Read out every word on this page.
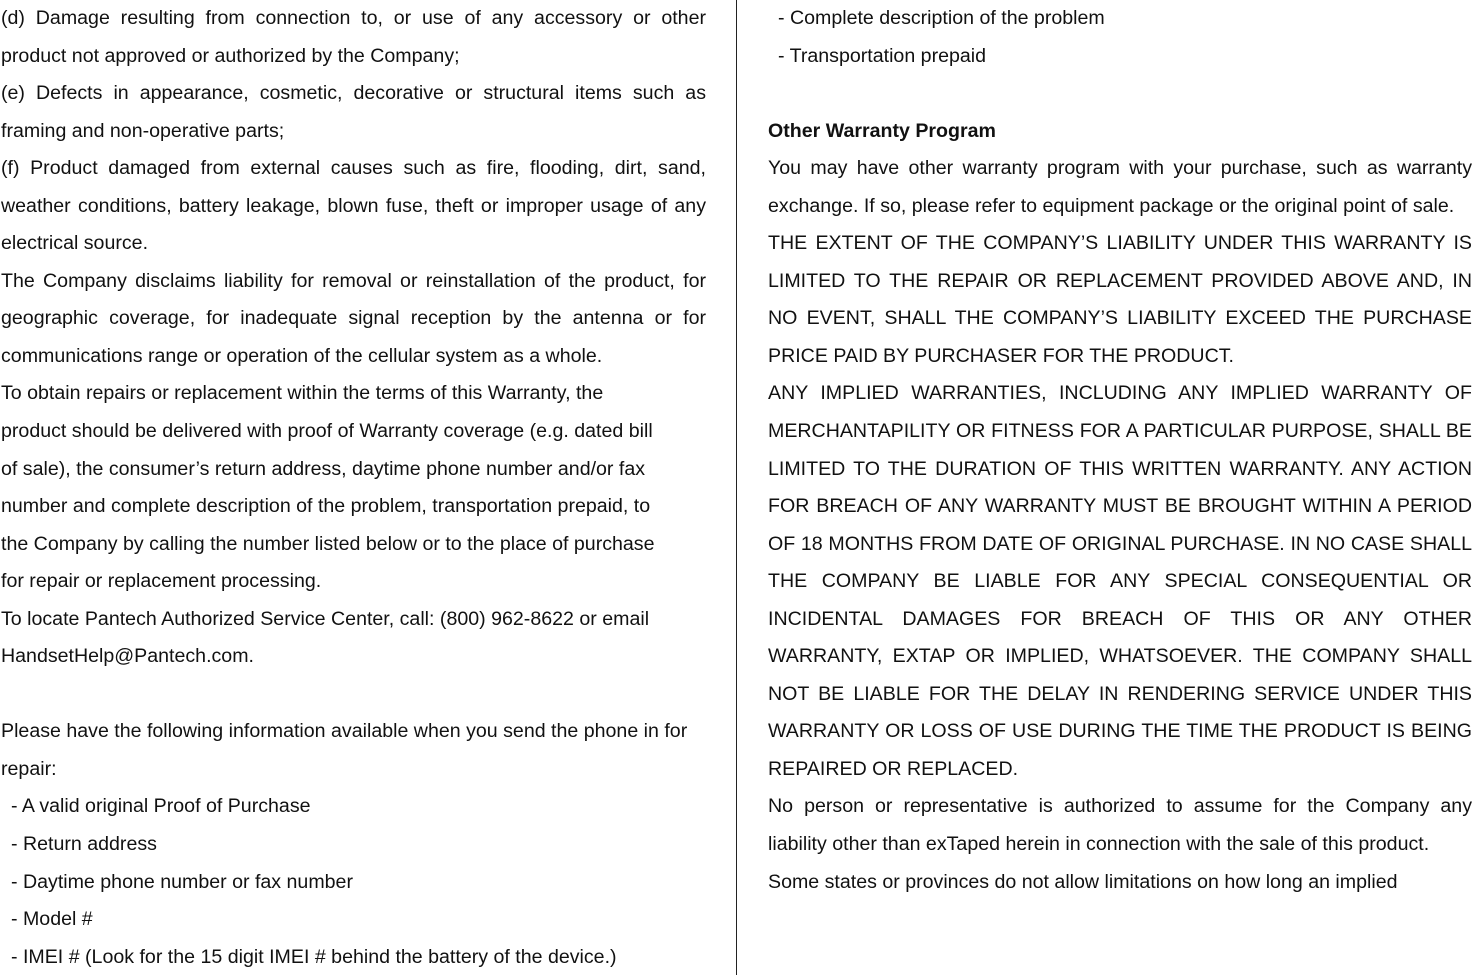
(d) Damage resulting from connection to, or use of any accessory or other product not approved or authorized by the Company;

(e) Defects in appearance, cosmetic, decorative or structural items such as framing and non-operative parts;

(f) Product damaged from external causes such as fire, flooding, dirt, sand, weather conditions, battery leakage, blown fuse, theft or improper usage of any electrical source.

The Company disclaims liability for removal or reinstallation of the product, for geographic coverage, for inadequate signal reception by the antenna or for communications range or operation of the cellular system as a whole.

To obtain repairs or replacement within the terms of this Warranty, the

product should be delivered with proof of Warranty coverage (e.g. dated bill

of sale), the consumer’s return address, daytime phone number and/or fax

number and complete description of the problem, transportation prepaid, to

the Company by calling the number listed below or to the place of purchase

for repair or replacement processing.

To locate Pantech Authorized Service Center, call: (800) 962-8622 or email

HandsetHelp@Pantech.com.

Please have the following information available when you send the phone in for repair:

- A valid original Proof of Purchase

- Return address

- Daytime phone number or fax number

- Model #

- IMEI # (Look for the 15 digit IMEI # behind the battery of the device.)

- Complete description of the problem

- Transportation prepaid

Other Warranty Program

You may have other warranty program with your purchase, such as warranty exchange. If so, please refer to equipment package or the original point of sale.

THE EXTENT OF THE COMPANY’S LIABILITY UNDER THIS WARRANTY IS LIMITED TO THE REPAIR OR REPLACEMENT PROVIDED ABOVE AND, IN NO EVENT, SHALL THE COMPANY’S LIABILITY EXCEED THE PURCHASE PRICE PAID BY PURCHASER FOR THE PRODUCT.

ANY IMPLIED WARRANTIES, INCLUDING ANY IMPLIED WARRANTY OF MERCHANTAPILITY OR FITNESS FOR A PARTICULAR PURPOSE, SHALL BE LIMITED TO THE DURATION OF THIS WRITTEN WARRANTY. ANY ACTION FOR BREACH OF ANY WARRANTY MUST BE BROUGHT WITHIN A PERIOD OF 18 MONTHS FROM DATE OF ORIGINAL PURCHASE. IN NO CASE SHALL THE COMPANY BE LIABLE FOR ANY SPECIAL CONSEQUENTIAL OR INCIDENTAL DAMAGES FOR BREACH OF THIS OR ANY OTHER WARRANTY, EXTAP OR IMPLIED, WHATSOEVER. THE COMPANY SHALL NOT BE LIABLE FOR THE DELAY IN RENDERING SERVICE UNDER THIS WARRANTY OR LOSS OF USE DURING THE TIME THE PRODUCT IS BEING REPAIRED OR REPLACED.

No person or representative is authorized to assume for the Company any liability other than exTaped herein in connection with the sale of this product.

Some states or provinces do not allow limitations on how long an implied
